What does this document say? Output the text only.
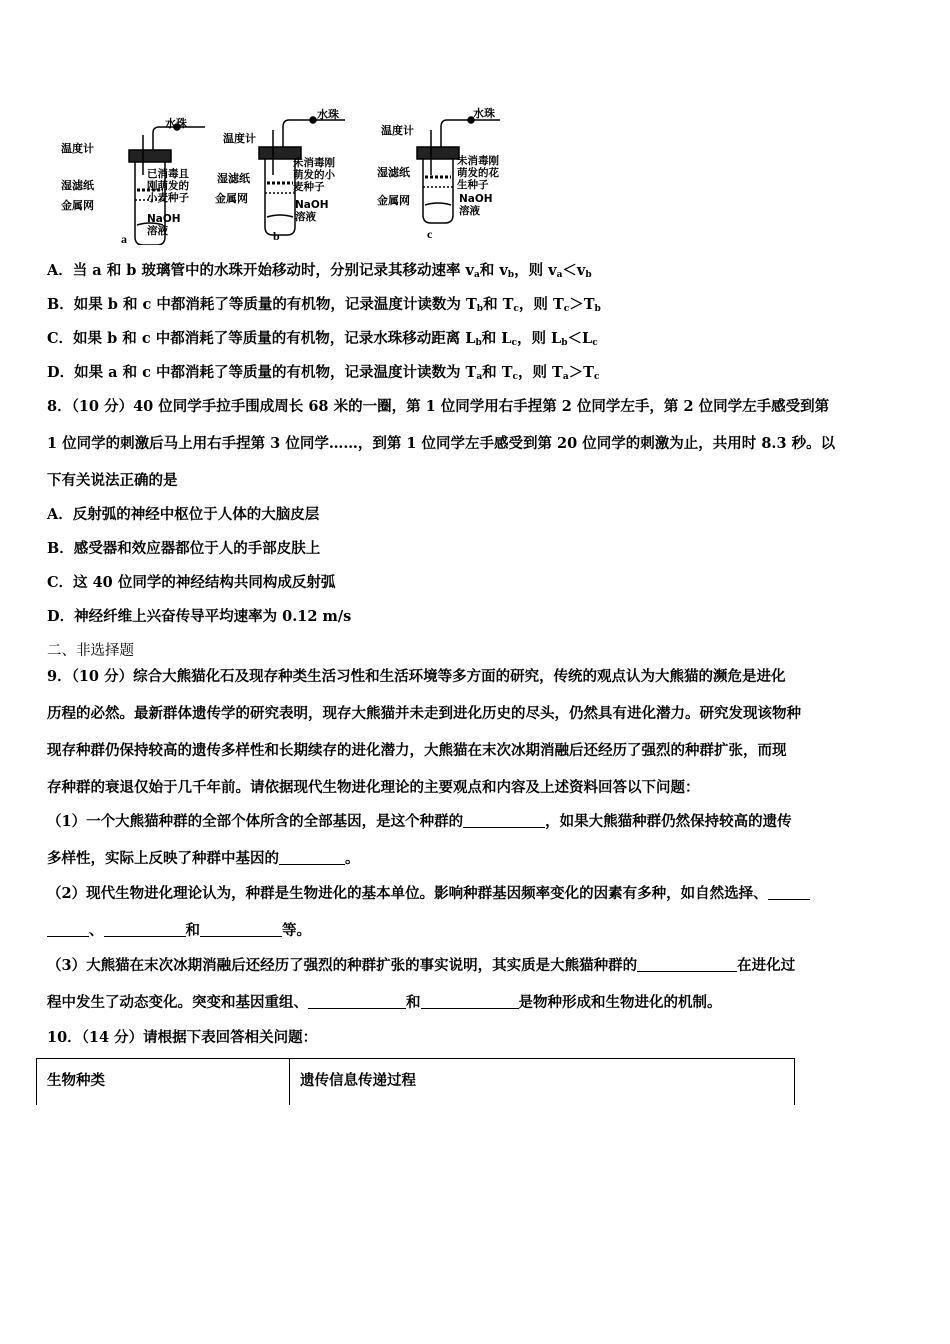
温度计
水珠
湿滤纸
金属网
已消毒且刚萌发的小麦种子
NaOH溶液
a
温度计
水珠
湿滤纸
金属网
未消毒刚萌发的小麦种子
NaOH溶液
b
温度计
水珠
湿滤纸
金属网
未消毒刚萌发的花生种子
NaOH溶液
c
A．当 a 和 b 玻璃管中的水珠开始移动时，分别记录其移动速率 $v_a$和 $v_b$，则 $v_a<v_b$
B．如果 b 和 c 中都消耗了等质量的有机物，记录温度计读数为 $T_b$和 $T_c$，则 $T_c>T_b$
C．如果 b 和 c 中都消耗了等质量的有机物，记录水珠移动距离 $L_b$和 $L_c$，则 $L_b<L_c$
D．如果 a 和 c 中都消耗了等质量的有机物，记录温度计读数为 $T_a$和 $T_c$，则 $T_a>T_c$
8．（10 分）40 位同学手拉手围成周长 68 米的一圈，第 1 位同学用右手捏第 2 位同学左手，第 2 位同学左手感受到第
1 位同学的刺激后马上用右手捏第 3 位同学……，到第 1 位同学左手感受到第 20 位同学的刺激为止，共用时 8.3 秒。以
下有关说法正确的是
A．反射弧的神经中枢位于人体的大脑皮层
B．感受器和效应器都位于人的手部皮肤上
C．这 40 位同学的神经结构共同构成反射弧
D．神经纤维上兴奋传导平均速率为 0.12 m/s
二、非选择题
9．（10 分）综合大熊猫化石及现存种类生活习性和生活环境等多方面的研究，传统的观点认为大熊猫的濒危是进化
历程的必然。最新群体遗传学的研究表明，现存大熊猫并未走到进化历史的尽头，仍然具有进化潜力。研究发现该物种
现存种群仍保持较高的遗传多样性和长期续存的进化潜力，大熊猫在末次冰期消融后还经历了强烈的种群扩张，而现
存种群的衰退仅始于几千年前。请依据现代生物进化理论的主要观点和内容及上述资料回答以下问题：
（1）一个大熊猫种群的全部个体所含的全部基因，是这个种群的	，如果大熊猫种群仍然保持较高的遗传
多样性，实际上反映了种群中基因的	。
（2）现代生物进化理论认为，种群是生物进化的基本单位。影响种群基因频率变化的因素有多种，如自然选择、
、	和	等。
（3）大熊猫在末次冰期消融后还经历了强烈的种群扩张的事实说明，其实质是大熊猫种群的	在进化过
程中发生了动态变化。突变和基因重组、	和	是物种形成和生物进化的机制。
10．（14 分）请根据下表回答相关问题：
生物种类	遗传信息传递过程
